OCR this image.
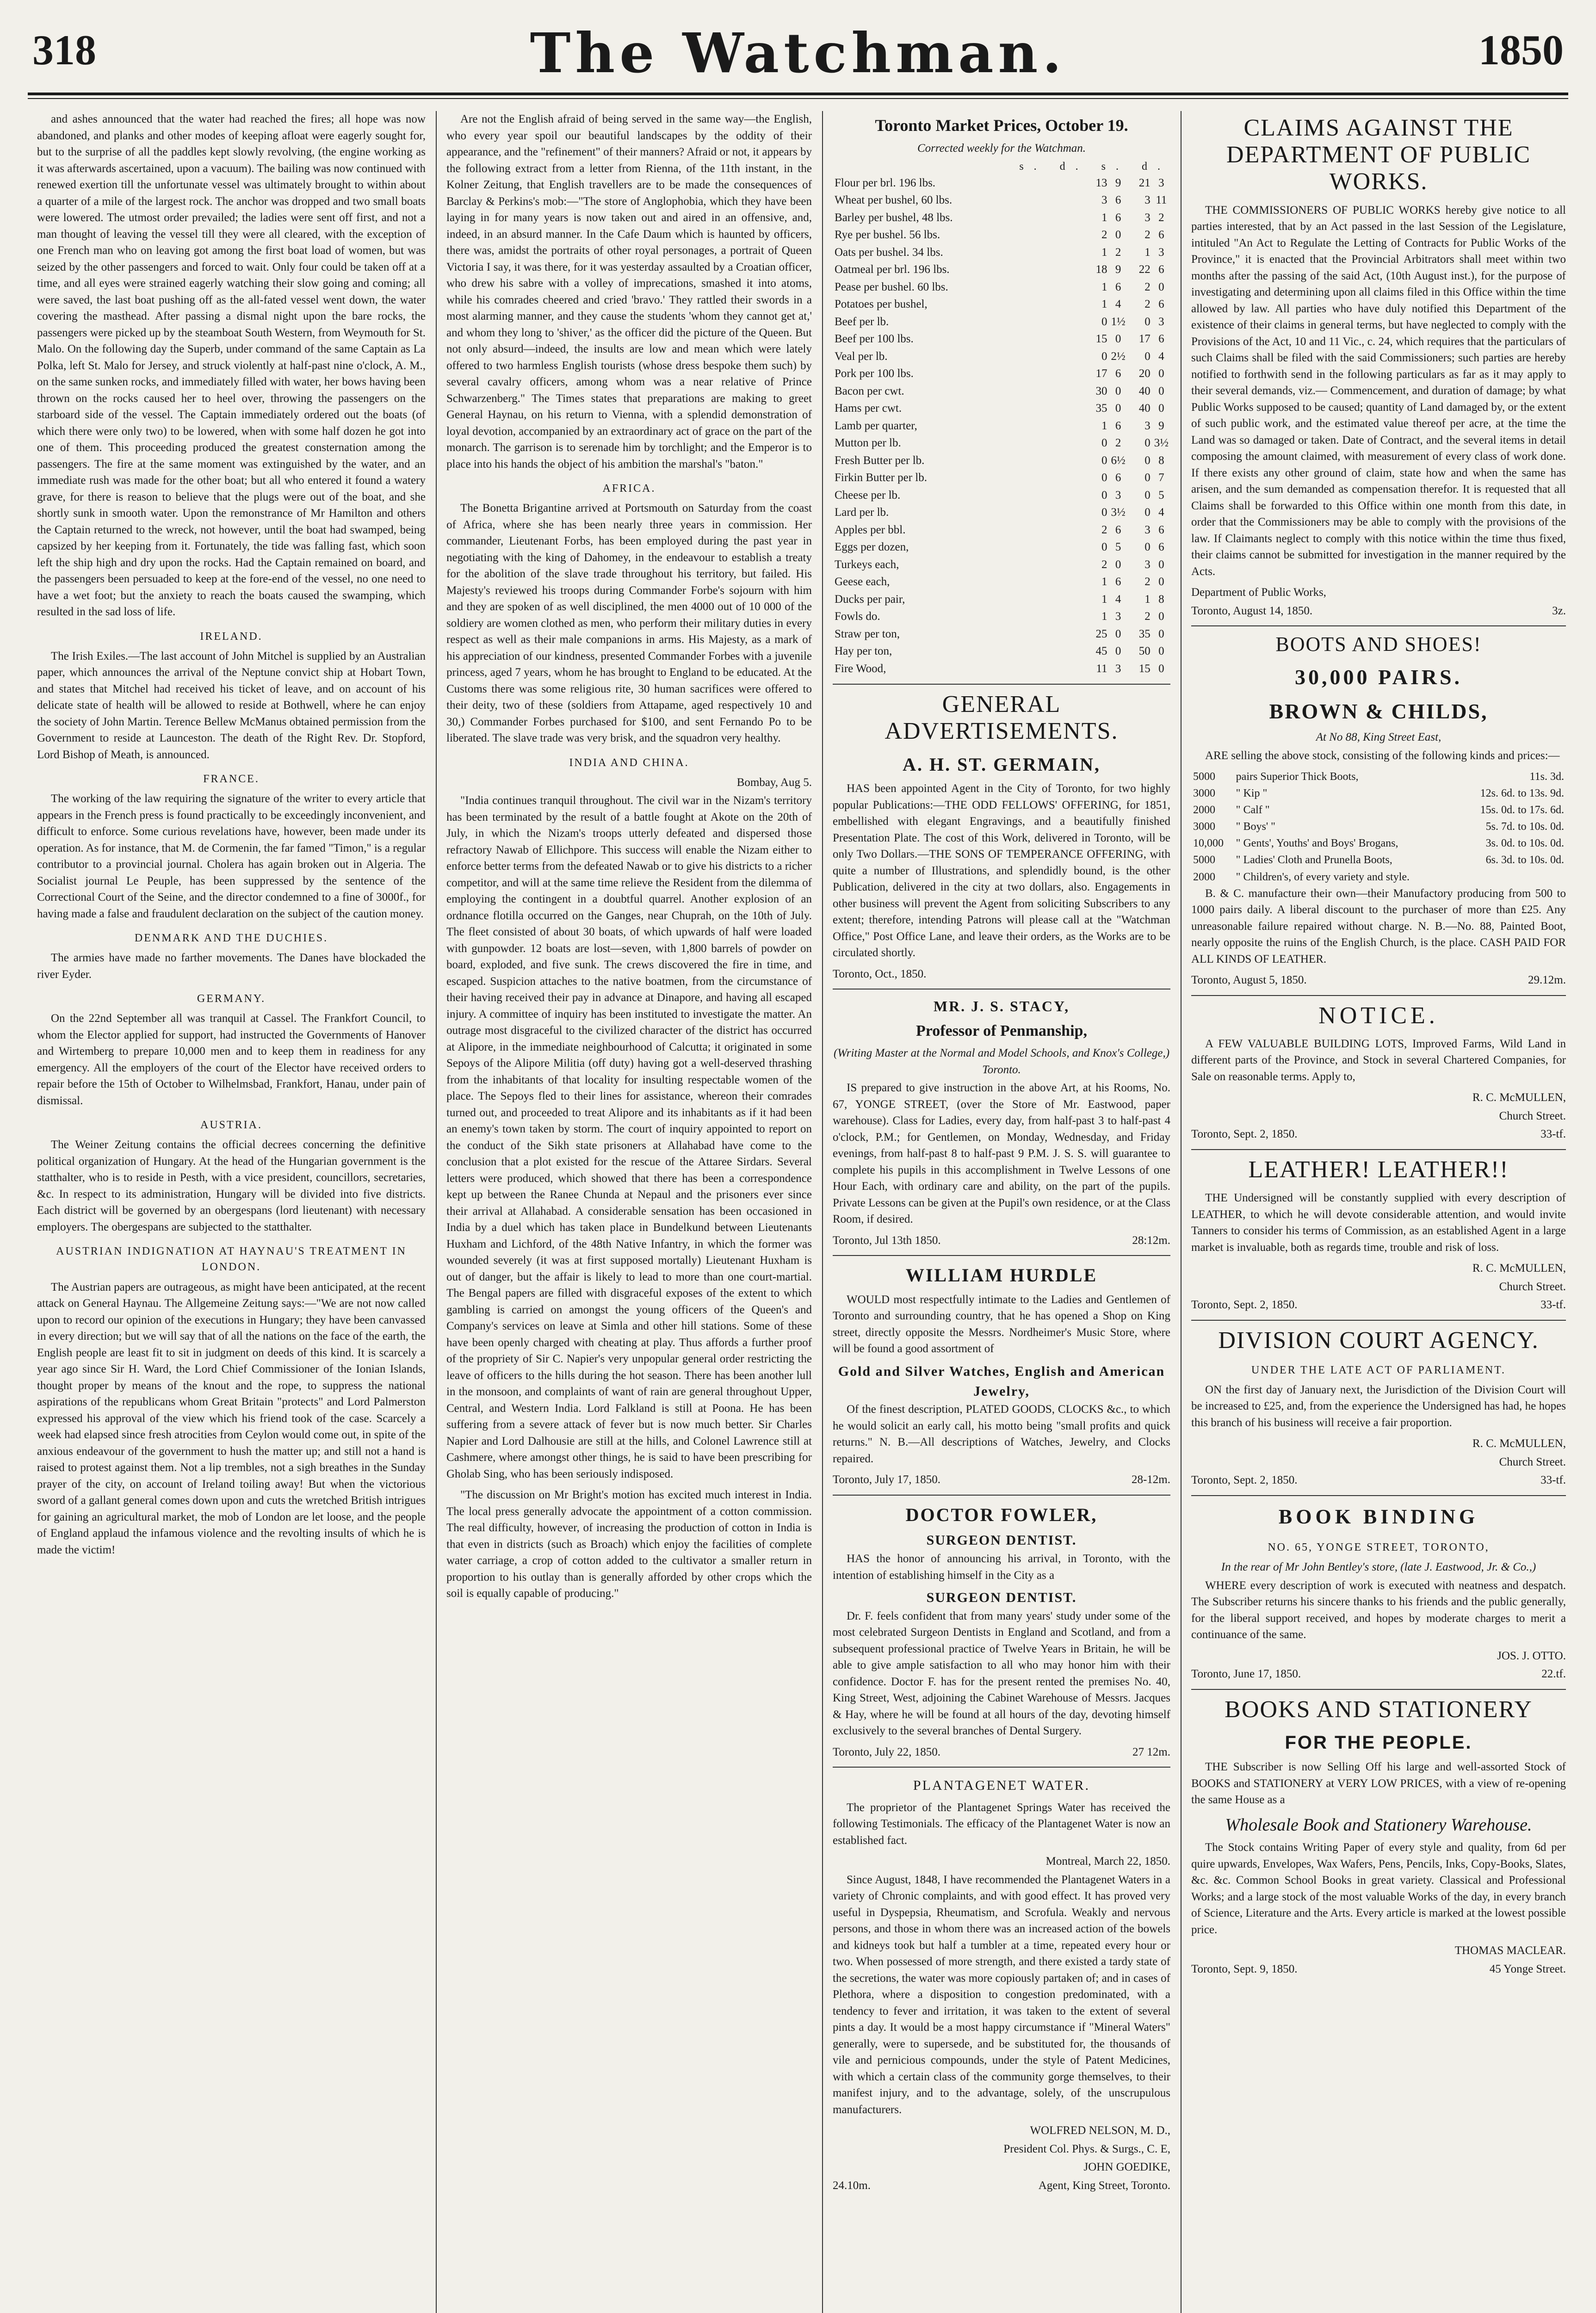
318	The Watchman.	1850

and ashes announced that the water had reached the fires; all hope was now abandoned, and planks and other modes of keeping afloat were eagerly sought for, but to the surprise of all the paddles kept slowly revolving, (the engine working as it was afterwards ascertained, upon a vacuum). The bailing was now continued with renewed exertion till the unfortunate vessel was ultimately brought to within about a quarter of a mile of the largest rock. The anchor was dropped and two small boats were lowered. The utmost order prevailed; the ladies were sent off first, and not a man thought of leaving the vessel till they were all cleared, with the exception of one French man who on leaving got among the first boat load of women, but was seized by the other passengers and forced to wait. Only four could be taken off at a time, and all eyes were strained eagerly watching their slow going and coming; all were saved, the last boat pushing off as the all-fated vessel went down, the water covering the masthead. After passing a dismal night upon the bare rocks, the passengers were picked up by the steamboat South Western, from Weymouth for St. Malo. On the following day the Superb, under command of the same Captain as La Polka, left St. Malo for Jersey, and struck violently at half-past nine o'clock, A. M., on the same sunken rocks, and immediately filled with water, her bows having been thrown on the rocks caused her to heel over, throwing the passengers on the starboard side of the vessel. The Captain immediately ordered out the boats (of which there were only two) to be lowered, when with some half dozen he got into one of them. This proceeding produced the greatest consternation among the passengers. The fire at the same moment was extinguished by the water, and an immediate rush was made for the other boat; but all who entered it found a watery grave, for there is reason to believe that the plugs were out of the boat, and she shortly sunk in smooth water. Upon the remonstrance of Mr Hamilton and others the Captain returned to the wreck, not however, until the boat had swamped, being capsized by her keeping from it. Fortunately, the tide was falling fast, which soon left the ship high and dry upon the rocks. Had the Captain remained on board, and the passengers been persuaded to keep at the fore-end of the vessel, no one need to have a wet foot; but the anxiety to reach the boats caused the swamping, which resulted in the sad loss of life.

IRELAND.

The Irish Exiles.—The last account of John Mitchel is supplied by an Australian paper, which announces the arrival of the Neptune convict ship at Hobart Town, and states that Mitchel had received his ticket of leave, and on account of his delicate state of health will be allowed to reside at Bothwell, where he can enjoy the society of John Martin. Terence Bellew McManus obtained permission from the Government to reside at Launceston. The death of the Right Rev. Dr. Stopford, Lord Bishop of Meath, is announced.

FRANCE.

The working of the law requiring the signature of the writer to every article that appears in the French press is found practically to be exceedingly inconvenient, and difficult to enforce. Some curious revelations have, however, been made under its operation. As for instance, that M. de Cormenin, the far famed "Timon," is a regular contributor to a provincial journal. Cholera has again broken out in Algeria. The Socialist journal Le Peuple, has been suppressed by the sentence of the Correctional Court of the Seine, and the director condemned to a fine of 3000f., for having made a false and fraudulent declaration on the subject of the caution money.

DENMARK AND THE DUCHIES.

The armies have made no farther movements. The Danes have blockaded the river Eyder.

GERMANY.

On the 22nd September all was tranquil at Cassel. The Frankfort Council, to whom the Elector applied for support, had instructed the Governments of Hanover and Wirtemberg to prepare 10,000 men and to keep them in readiness for any emergency. All the employers of the court of the Elector have received orders to repair before the 15th of October to Wilhelmsbad, Frankfort, Hanau, under pain of dismissal.

AUSTRIA.

The Weiner Zeitung contains the official decrees concerning the definitive political organization of Hungary. At the head of the Hungarian government is the statthalter, who is to reside in Pesth, with a vice president, councillors, secretaries, &c. In respect to its administration, Hungary will be divided into five districts. Each district will be governed by an obergespans (lord lieutenant) with necessary employers. The obergespans are subjected to the statthalter.

AUSTRIAN INDIGNATION AT HAYNAU'S TREATMENT IN LONDON.

The Austrian papers are outrageous, as might have been anticipated, at the recent attack on General Haynau. The Allgemeine Zeitung says:—"We are not now called upon to record our opinion of the executions in Hungary; they have been canvassed in every direction; but we will say that of all the nations on the face of the earth, the English people are least fit to sit in judgment on deeds of this kind. It is scarcely a year ago since Sir H. Ward, the Lord Chief Commissioner of the Ionian Islands, thought proper by means of the knout and the rope, to suppress the national aspirations of the republicans whom Great Britain "protects" and Lord Palmerston expressed his approval of the view which his friend took of the case. Scarcely a week had elapsed since fresh atrocities from Ceylon would come out, in spite of the anxious endeavour of the government to hush the matter up; and still not a hand is raised to protest against them. Not a lip trembles, not a sigh breathes in the Sunday prayer of the city, on account of Ireland toiling away! But when the victorious sword of a gallant general comes down upon and cuts the wretched British intrigues for gaining an agricultural market, the mob of London are let loose, and the people of England applaud the infamous violence and the revolting insults of which he is made the victim!

Are not the English afraid of being served in the same way—the English, who every year spoil our beautiful landscapes by the oddity of their appearance, and the "refinement" of their manners? Afraid or not, it appears by the following extract from a letter from Rienna, of the 11th instant, in the Kolner Zeitung, that English travellers are to be made the consequences of Barclay & Perkins's mob:—"The store of Anglophobia, which they have been laying in for many years is now taken out and aired in an offensive, and, indeed, in an absurd manner. In the Cafe Daum which is haunted by officers, there was, amidst the portraits of other royal personages, a portrait of Queen Victoria I say, it was there, for it was yesterday assaulted by a Croatian officer, who drew his sabre with a volley of imprecations, smashed it into atoms, while his comrades cheered and cried 'bravo.' They rattled their swords in a most alarming manner, and they cause the students 'whom they cannot get at,' and whom they long to 'shiver,' as the officer did the picture of the Queen. But not only absurd—indeed, the insults are low and mean which were lately offered to two harmless English tourists (whose dress bespoke them such) by several cavalry officers, among whom was a near relative of Prince Schwarzenberg." The Times states that preparations are making to greet General Haynau, on his return to Vienna, with a splendid demonstration of loyal devotion, accompanied by an extraordinary act of grace on the part of the monarch. The garrison is to serenade him by torchlight; and the Emperor is to place into his hands the object of his ambition the marshal's "baton."

AFRICA.

The Bonetta Brigantine arrived at Portsmouth on Saturday from the coast of Africa, where she has been nearly three years in commission. Her commander, Lieutenant Forbs, has been employed during the past year in negotiating with the king of Dahomey, in the endeavour to establish a treaty for the abolition of the slave trade throughout his territory, but failed. His Majesty's reviewed his troops during Commander Forbe's sojourn with him and they are spoken of as well disciplined, the men 4000 out of 10 000 of the soldiery are women clothed as men, who perform their military duties in every respect as well as their male companions in arms. His Majesty, as a mark of his appreciation of our kindness, presented Commander Forbes with a juvenile princess, aged 7 years, whom he has brought to England to be educated. At the Customs there was some religious rite, 30 human sacrifices were offered to their deity, two of these (soldiers from Attapame, aged respectively 10 and 30,) Commander Forbes purchased for $100, and sent Fernando Po to be liberated. The slave trade was very brisk, and the squadron very healthy.

INDIA AND CHINA.
Bombay, Aug 5.

"India continues tranquil throughout. The civil war in the Nizam's territory has been terminated by the result of a battle fought at Akote on the 20th of July, in which the Nizam's troops utterly defeated and dispersed those refractory Nawab of Ellichpore. This success will enable the Nizam either to enforce better terms from the defeated Nawab or to give his districts to a richer competitor, and will at the same time relieve the Resident from the dilemma of employing the contingent in a doubtful quarrel. Another explosion of an ordnance flotilla occurred on the Ganges, near Chuprah, on the 10th of July. The fleet consisted of about 30 boats, of which upwards of half were loaded with gunpowder. 12 boats are lost—seven, with 1,800 barrels of powder on board, exploded, and five sunk. The crews discovered the fire in time, and escaped. Suspicion attaches to the native boatmen, from the circumstance of their having received their pay in advance at Dinapore, and having all escaped injury. A committee of inquiry has been instituted to investigate the matter. An outrage most disgraceful to the civilized character of the district has occurred at Alipore, in the immediate neighbourhood of Calcutta; it originated in some Sepoys of the Alipore Militia (off duty) having got a well-deserved thrashing from the inhabitants of that locality for insulting respectable women of the place. The Sepoys fled to their lines for assistance, whereon their comrades turned out, and proceeded to treat Alipore and its inhabitants as if it had been an enemy's town taken by storm. The court of inquiry appointed to report on the conduct of the Sikh state prisoners at Allahabad have come to the conclusion that a plot existed for the rescue of the Attaree Sirdars. Several letters were produced, which showed that there has been a correspondence kept up between the Ranee Chunda at Nepaul and the prisoners ever since their arrival at Allahabad. A considerable sensation has been occasioned in India by a duel which has taken place in Bundelkund between Lieutenants Huxham and Lichford, of the 48th Native Infantry, in which the former was wounded severely (it was at first supposed mortally) Lieutenant Huxham is out of danger, but the affair is likely to lead to more than one court-martial. The Bengal papers are filled with disgraceful exposes of the extent to which gambling is carried on amongst the young officers of the Queen's and Company's services on leave at Simla and other hill stations. Some of these have been openly charged with cheating at play. Thus affords a further proof of the propriety of Sir C. Napier's very unpopular general order restricting the leave of officers to the hills during the hot season. There has been another lull in the monsoon, and complaints of want of rain are general throughout Upper, Central, and Western India. Lord Falkland is still at Poona. He has been suffering from a severe attack of fever but is now much better. Sir Charles Napier and Lord Dalhousie are still at the hills, and Colonel Lawrence still at Cashmere, where amongst other things, he is said to have been prescribing for Gholab Sing, who has been seriously indisposed.

"The discussion on Mr Bright's motion has excited much interest in India. The local press generally advocate the appointment of a cotton commission. The real difficulty, however, of increasing the production of cotton in India is that even in districts (such as Broach) which enjoy the facilities of complete water carriage, a crop of cotton added to the cultivator a smaller return in proportion to his outlay than is generally afforded by other crops which the soil is equally capable of producing."

Toronto Market Prices, October 19.
Corrected weekly for the Watchman.
s. d. s. d.
Flour per brl. 196 lbs.	13	9	21	3
Wheat per bushel, 60 lbs.	3	6	3	11
Barley per bushel, 48 lbs.	1	6	3	2
Rye per bushel. 56 lbs.	2	0	2	6
Oats per bushel. 34 lbs.	1	2	1	3
Oatmeal per brl. 196 lbs.	18	9	22	6
Pease per bushel. 60 lbs.	1	6	2	0
Potatoes per bushel,	1	4	2	6
Beef per lb.	0	1½	0	3
Beef per 100 lbs.	15	0	17	6
Veal per lb.	0	2½	0	4
Pork per 100 lbs.	17	6	20	0
Bacon per cwt.	30	0	40	0
Hams per cwt.	35	0	40	0
Lamb per quarter,	1	6	3	9
Mutton per lb.	0	2	0	3½
Fresh Butter per lb.	0	6½	0	8
Firkin Butter per lb.	0	6	0	7
Cheese per lb.	0	3	0	5
Lard per lb.	0	3½	0	4
Apples per bbl.	2	6	3	6
Eggs per dozen,	0	5	0	6
Turkeys each,	2	0	3	0
Geese each,	1	6	2	0
Ducks per pair,	1	4	1	8
Fowls do.	1	3	2	0
Straw per ton,	25	0	35	0
Hay per ton,	45	0	50	0
Fire Wood,	11	3	15	0
GENERAL ADVERTISEMENTS.
A. H. ST. GERMAIN,

HAS been appointed Agent in the City of Toronto, for two highly popular Publications:—THE ODD FELLOWS' OFFERING, for 1851, embellished with elegant Engravings, and a beautifully finished Presentation Plate. The cost of this Work, delivered in Toronto, will be only Two Dollars.—THE SONS OF TEMPERANCE OFFERING, with quite a number of Illustrations, and splendidly bound, is the other Publication, delivered in the city at two dollars, also. Engagements in other business will prevent the Agent from soliciting Subscribers to any extent; therefore, intending Patrons will please call at the "Watchman Office," Post Office Lane, and leave their orders, as the Works are to be circulated shortly.

Toronto, Oct., 1850.
MR. J. S. STACY,
Professor of Penmanship,
(Writing Master at the Normal and Model Schools, and Knox's College,) Toronto.

IS prepared to give instruction in the above Art, at his Rooms, No. 67, YONGE STREET, (over the Store of Mr. Eastwood, paper warehouse). Class for Ladies, every day, from half-past 3 to half-past 4 o'clock, P.M.; for Gentlemen, on Monday, Wednesday, and Friday evenings, from half-past 8 to half-past 9 P.M. J. S. S. will guarantee to complete his pupils in this accomplishment in Twelve Lessons of one Hour Each, with ordinary care and ability, on the part of the pupils. Private Lessons can be given at the Pupil's own residence, or at the Class Room, if desired.

Toronto, Jul 13th 1850.	28:12m.
WILLIAM HURDLE

WOULD most respectfully intimate to the Ladies and Gentlemen of Toronto and surrounding country, that he has opened a Shop on King street, directly opposite the Messrs. Nordheimer's Music Store, where will be found a good assortment of

Gold and Silver Watches, English and American Jewelry,

Of the finest description, PLATED GOODS, CLOCKS &c., to which he would solicit an early call, his motto being "small profits and quick returns." N. B.—All descriptions of Watches, Jewelry, and Clocks repaired.

Toronto, July 17, 1850.	28-12m.
DOCTOR FOWLER,
SURGEON DENTIST.

HAS the honor of announcing his arrival, in Toronto, with the intention of establishing himself in the City as a

SURGEON DENTIST.

Dr. F. feels confident that from many years' study under some of the most celebrated Surgeon Dentists in England and Scotland, and from a subsequent professional practice of Twelve Years in Britain, he will be able to give ample satisfaction to all who may honor him with their confidence. Doctor F. has for the present rented the premises No. 40, King Street, West, adjoining the Cabinet Warehouse of Messrs. Jacques & Hay, where he will be found at all hours of the day, devoting himself exclusively to the several branches of Dental Surgery.

Toronto, July 22, 1850.	27 12m.
PLANTAGENET WATER.

The proprietor of the Plantagenet Springs Water has received the following Testimonials. The efficacy of the Plantagenet Water is now an established fact.

Montreal, March 22, 1850.

Since August, 1848, I have recommended the Plantagenet Waters in a variety of Chronic complaints, and with good effect. It has proved very useful in Dyspepsia, Rheumatism, and Scrofula. Weakly and nervous persons, and those in whom there was an increased action of the bowels and kidneys took but half a tumbler at a time, repeated every hour or two. When possessed of more strength, and there existed a tardy state of the secretions, the water was more copiously partaken of; and in cases of Plethora, where a disposition to congestion predominated, with a tendency to fever and irritation, it was taken to the extent of several pints a day. It would be a most happy circumstance if "Mineral Waters" generally, were to supersede, and be substituted for, the thousands of vile and pernicious compounds, under the style of Patent Medicines, with which a certain class of the community gorge themselves, to their manifest injury, and to the advantage, solely, of the unscrupulous manufacturers.

WOLFRED NELSON, M. D.,
President Col. Phys. & Surgs., C. E,
JOHN GOEDIKE,
24.10m.	Agent, King Street, Toronto.
CLAIMS AGAINST THE DEPARTMENT OF PUBLIC WORKS.

THE COMMISSIONERS OF PUBLIC WORKS hereby give notice to all parties interested, that by an Act passed in the last Session of the Legislature, intituled "An Act to Regulate the Letting of Contracts for Public Works of the Province," it is enacted that the Provincial Arbitrators shall meet within two months after the passing of the said Act, (10th August inst.), for the purpose of investigating and determining upon all claims filed in this Office within the time allowed by law. All parties who have duly notified this Department of the existence of their claims in general terms, but have neglected to comply with the Provisions of the Act, 10 and 11 Vic., c. 24, which requires that the particulars of such Claims shall be filed with the said Commissioners; such parties are hereby notified to forthwith send in the following particulars as far as it may apply to their several demands, viz.— Commencement, and duration of damage; by what Public Works supposed to be caused; quantity of Land damaged by, or the extent of such public work, and the estimated value thereof per acre, at the time the Land was so damaged or taken. Date of Contract, and the several items in detail composing the amount claimed, with measurement of every class of work done. If there exists any other ground of claim, state how and when the same has arisen, and the sum demanded as compensation therefor. It is requested that all Claims shall be forwarded to this Office within one month from this date, in order that the Commissioners may be able to comply with the provisions of the law. If Claimants neglect to comply with this notice within the time thus fixed, their claims cannot be submitted for investigation in the manner required by the Acts.

Department of Public Works,
Toronto, August 14, 1850.	3z.
BOOTS AND SHOES!
30,000 PAIRS.
BROWN & CHILDS,
At No 88, King Street East,

ARE selling the above stock, consisting of the following kinds and prices:—

5000	pairs Superior Thick Boots,	11s. 3d.
3000	" Kip "	12s. 6d. to 13s. 9d.
2000	" Calf "	15s. 0d. to 17s. 6d.
3000	" Boys' "	5s. 7d. to 10s. 0d.
10,000	" Gents', Youths' and Boys' Brogans,	3s. 0d. to 10s. 0d.
5000	" Ladies' Cloth and Prunella Boots,	6s. 3d. to 10s. 0d.
2000	" Children's, of every variety and style.	

B. & C. manufacture their own—their Manufactory producing from 500 to 1000 pairs daily. A liberal discount to the purchaser of more than £25. Any unreasonable failure repaired without charge. N. B.—No. 88, Painted Boot, nearly opposite the ruins of the English Church, is the place. CASH PAID FOR ALL KINDS OF LEATHER.

Toronto, August 5, 1850.	29.12m.
NOTICE.

A FEW VALUABLE BUILDING LOTS, Improved Farms, Wild Land in different parts of the Province, and Stock in several Chartered Companies, for Sale on reasonable terms. Apply to,

R. C. McMULLEN,
Church Street.
Toronto, Sept. 2, 1850.	33-tf.
LEATHER! LEATHER!!

THE Undersigned will be constantly supplied with every description of LEATHER, to which he will devote considerable attention, and would invite Tanners to consider his terms of Commission, as an established Agent in a large market is invaluable, both as regards time, trouble and risk of loss.

R. C. McMULLEN,
Church Street.
Toronto, Sept. 2, 1850.	33-tf.
DIVISION COURT AGENCY.
UNDER THE LATE ACT OF PARLIAMENT.

ON the first day of January next, the Jurisdiction of the Division Court will be increased to £25, and, from the experience the Undersigned has had, he hopes this branch of his business will receive a fair proportion.

R. C. McMULLEN,
Church Street.
Toronto, Sept. 2, 1850.	33-tf.
BOOK BINDING
NO. 65, YONGE STREET, TORONTO,
In the rear of Mr John Bentley's store, (late J. Eastwood, Jr. & Co.,)

WHERE every description of work is executed with neatness and despatch. The Subscriber returns his sincere thanks to his friends and the public generally, for the liberal support received, and hopes by moderate charges to merit a continuance of the same.

JOS. J. OTTO.
Toronto, June 17, 1850.	22.tf.
BOOKS AND STATIONERY
FOR THE PEOPLE.

THE Subscriber is now Selling Off his large and well-assorted Stock of BOOKS and STATIONERY at VERY LOW PRICES, with a view of re-opening the same House as a

Wholesale Book and Stationery Warehouse.

The Stock contains Writing Paper of every style and quality, from 6d per quire upwards, Envelopes, Wax Wafers, Pens, Pencils, Inks, Copy-Books, Slates, &c. &c. Common School Books in great variety. Classical and Professional Works; and a large stock of the most valuable Works of the day, in every branch of Science, Literature and the Arts. Every article is marked at the lowest possible price.

THOMAS MACLEAR.
Toronto, Sept. 9, 1850.	45 Yonge Street.
